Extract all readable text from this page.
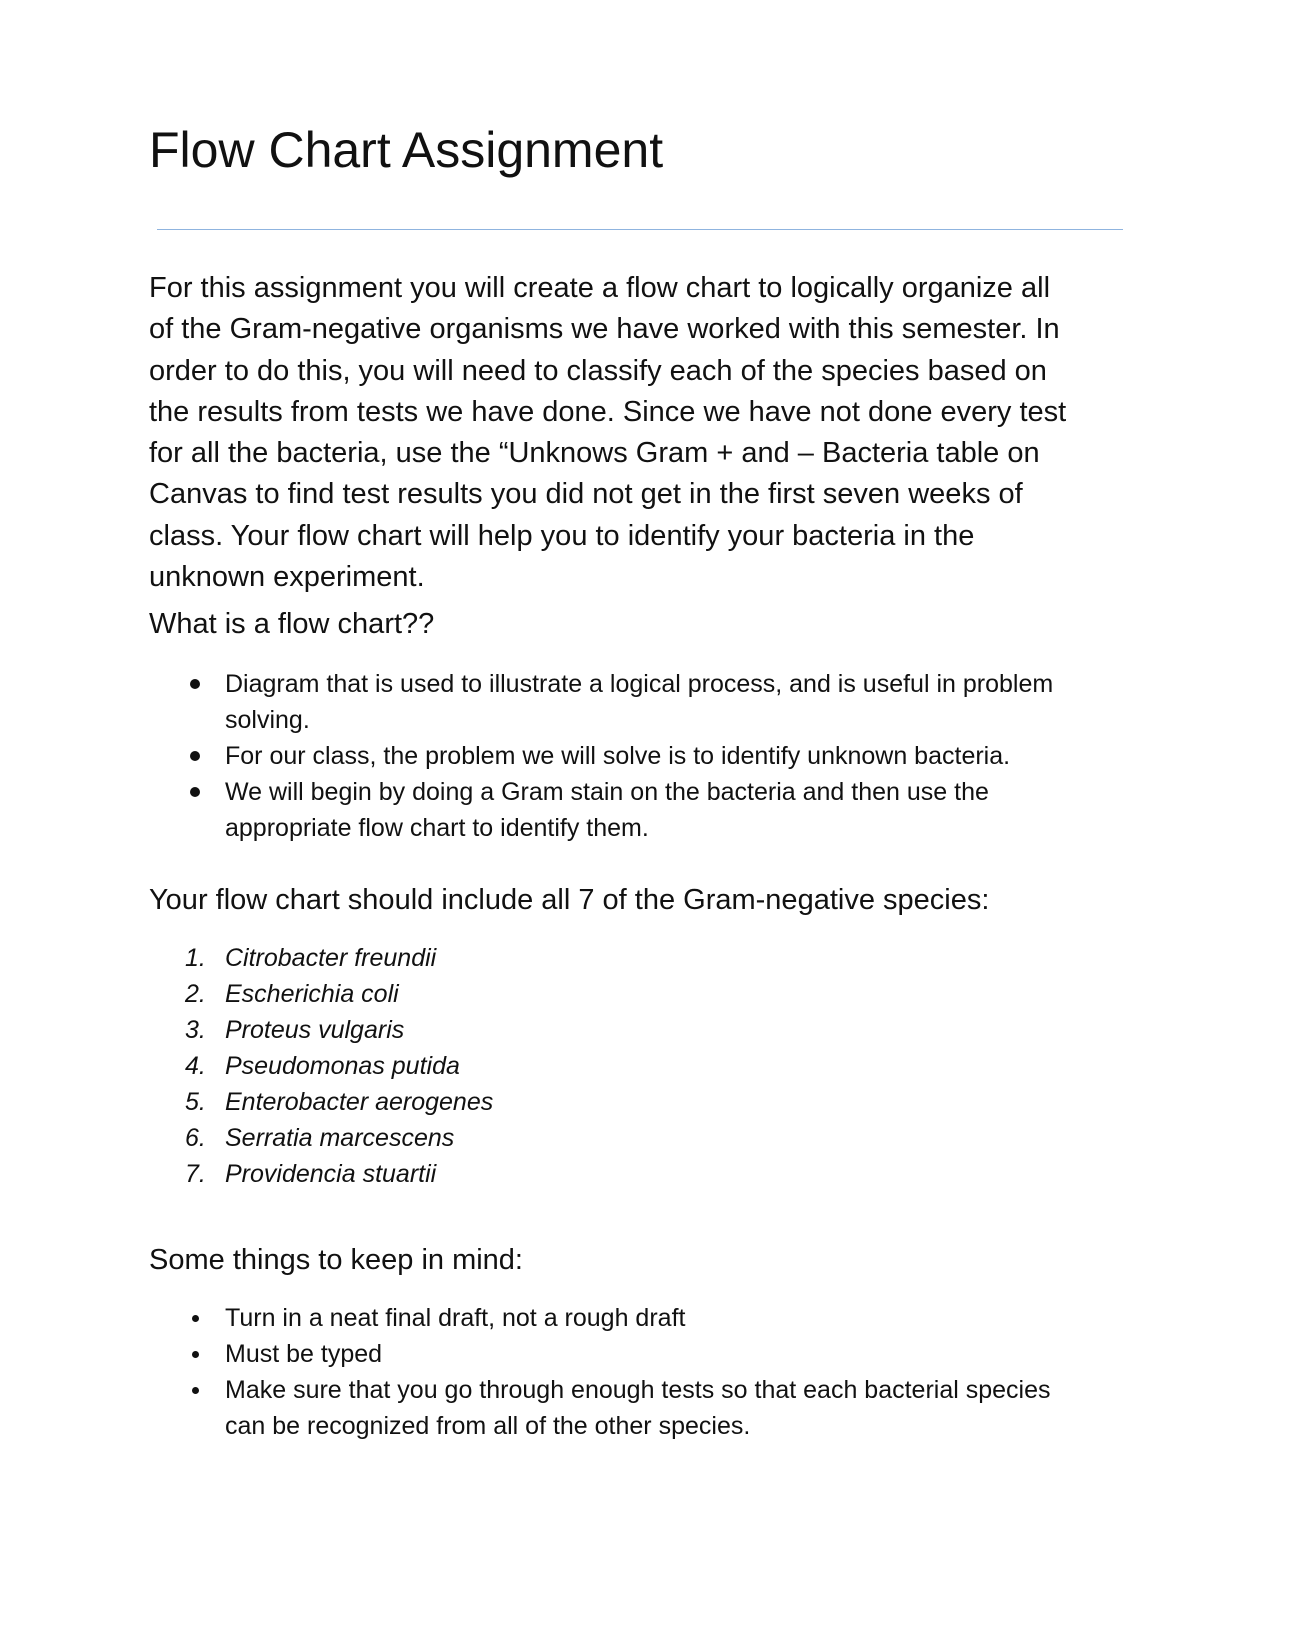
Flow Chart Assignment

For this assignment you will create a flow chart to logically organize all
of the Gram-negative organisms we have worked with this semester. In
order to do this, you will need to classify each of the species based on
the results from tests we have done. Since we have not done every test
for all the bacteria, use the “Unknows Gram + and – Bacteria table on
Canvas to find test results you did not get in the first seven weeks of
class. Your flow chart will help you to identify your bacteria in the
unknown experiment.

What is a flow chart??
Diagram that is used to illustrate a logical process, and is useful in problem
solving.
For our class, the problem we will solve is to identify unknown bacteria.
We will begin by doing a Gram stain on the bacteria and then use the
appropriate flow chart to identify them.
Your flow chart should include all 7 of the Gram-negative species:
1. Citrobacter freundii
2. Escherichia coli
3. Proteus vulgaris
4. Pseudomonas putida
5. Enterobacter aerogenes
6. Serratia marcescens
7. Providencia stuartii
Some things to keep in mind:
Turn in a neat final draft, not a rough draft
Must be typed
Make sure that you go through enough tests so that each bacterial species
can be recognized from all of the other species.
